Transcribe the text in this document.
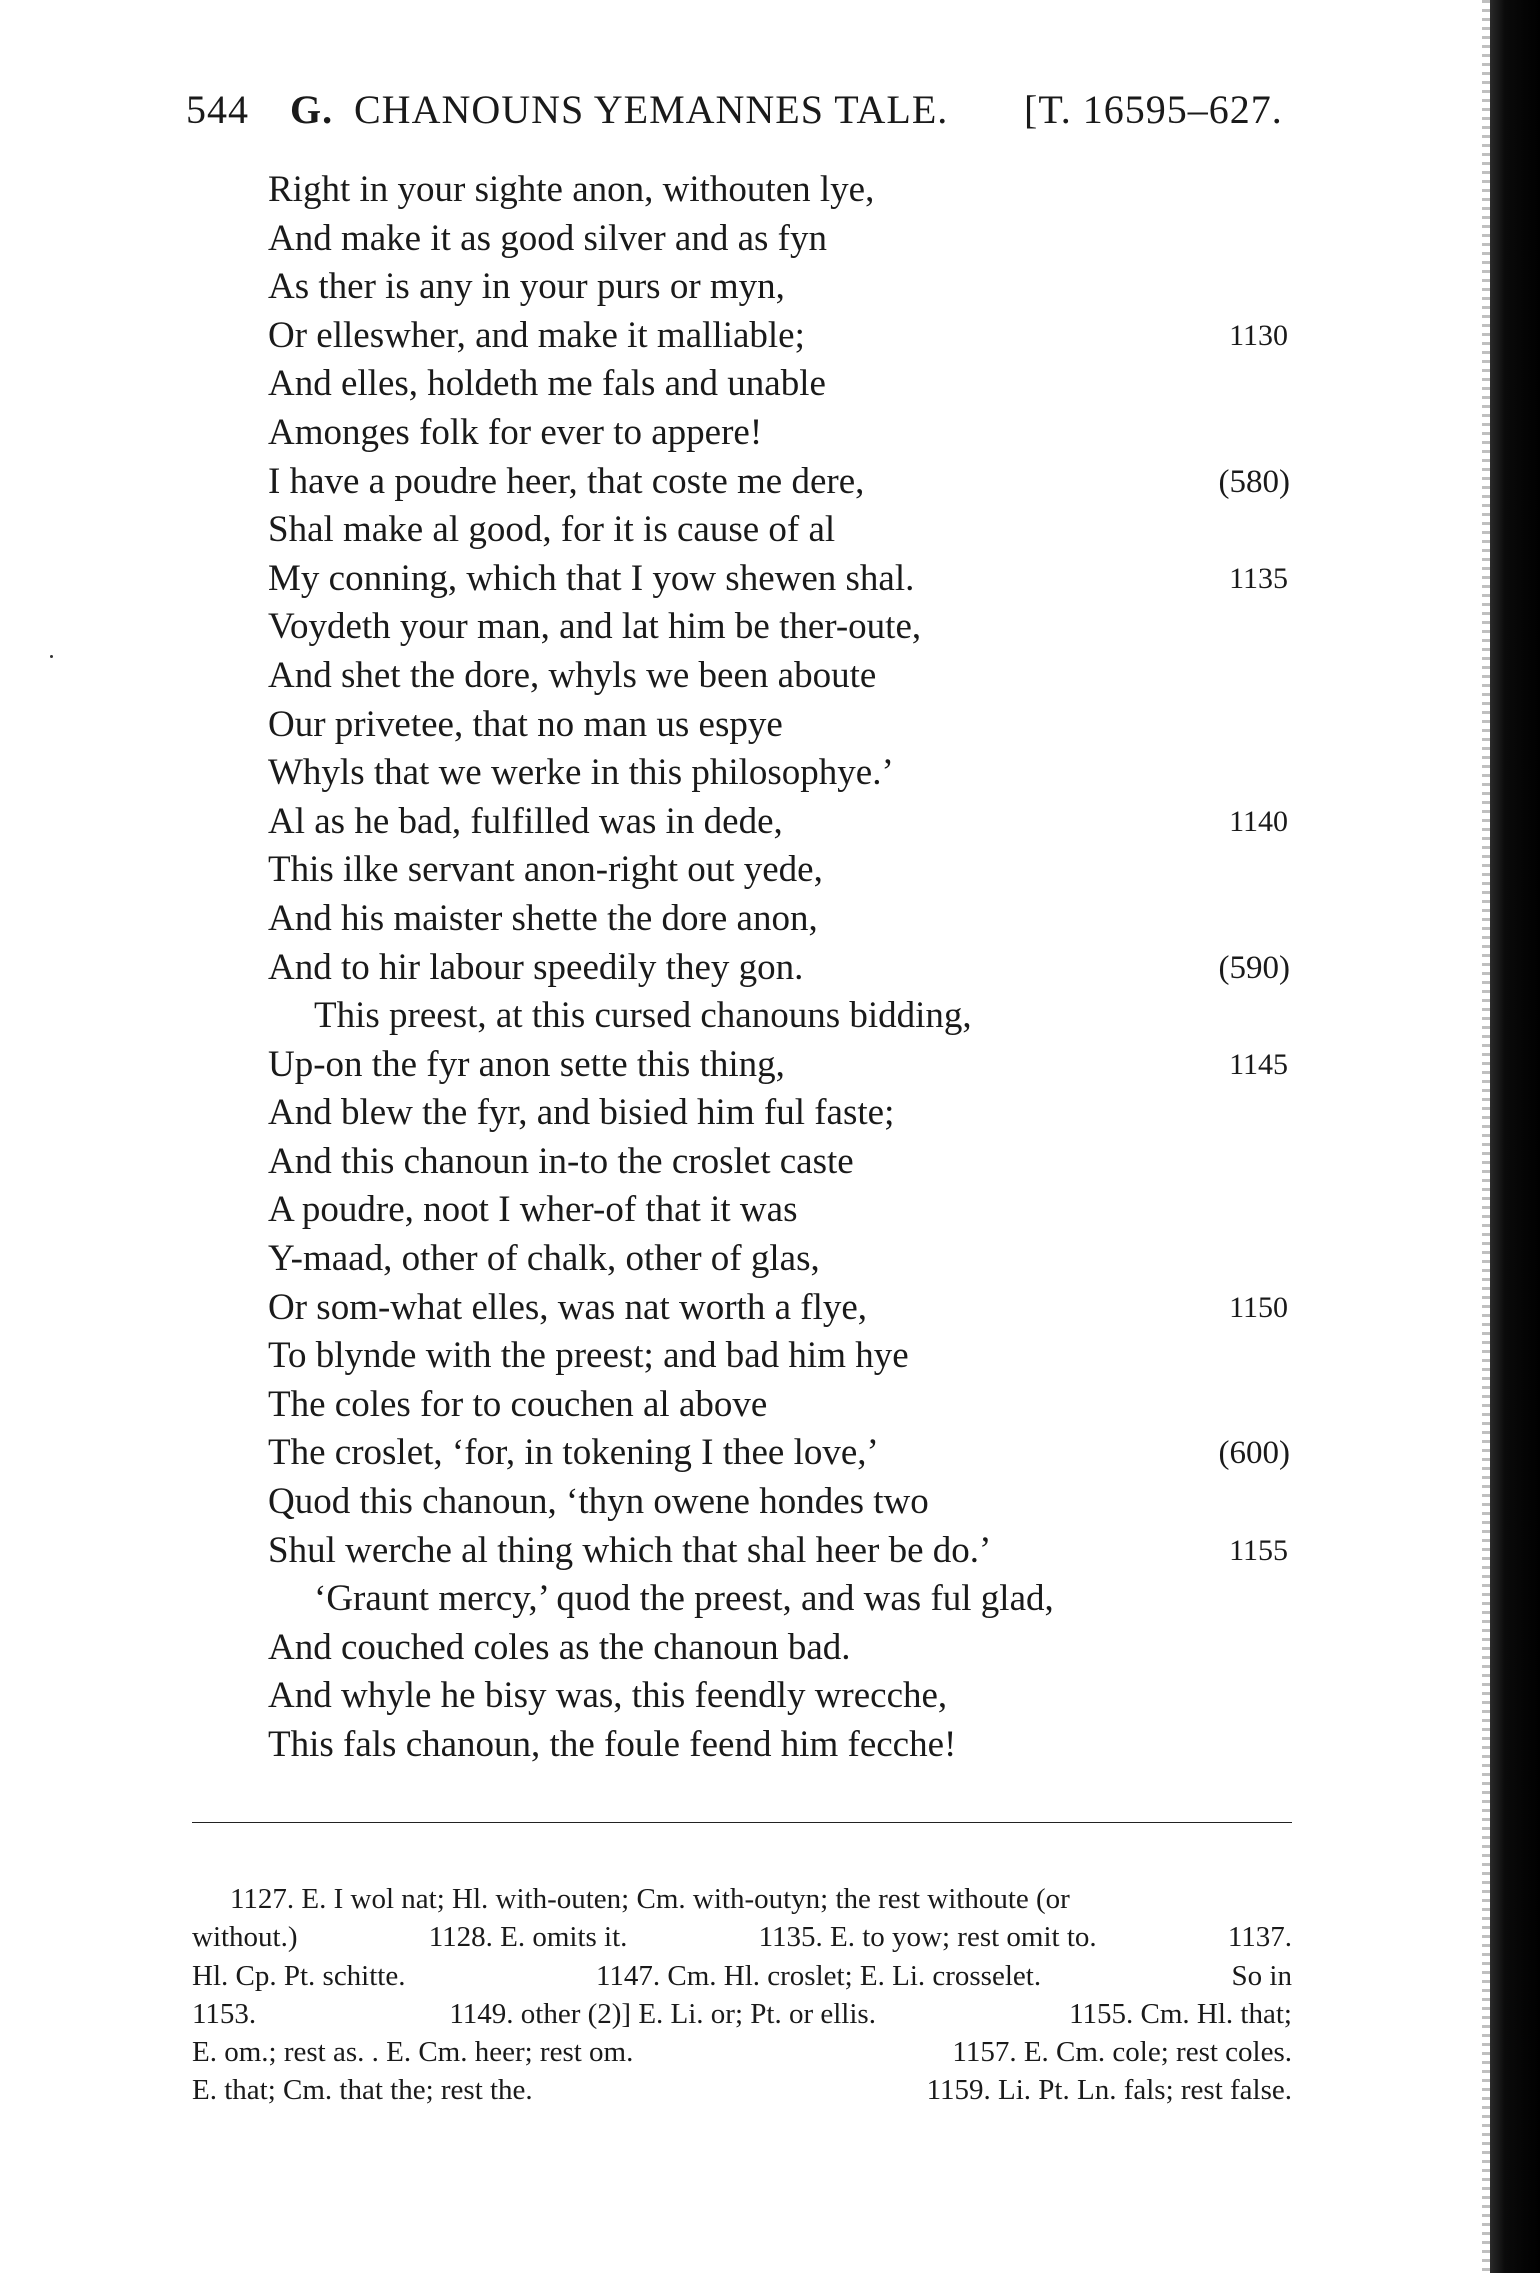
544 G. CHANOUNS YEMANNES TALE. [T. 16595–627.
Right in your sighte anon, withouten lye,
And make it as good silver and as fyn
As ther is any in your purs or myn,
Or elleswher, and make it malliable;	1130
And elles, holdeth me fals and unable
Amonges folk for ever to appere!
I have a poudre heer, that coste me dere,	(580)
Shal make al good, for it is cause of al
My conning, which that I yow shewen shal.	1135
Voydeth your man, and lat him be ther-oute,
And shet the dore, whyls we been aboute
Our privetee, that no man us espye
Whyls that we werke in this philosophye.’
Al as he bad, fulfilled was in dede,	1140
This ilke servant anon-right out yede,
And his maister shette the dore anon,
And to hir labour speedily they gon.	(590)
This preest, at this cursed chanouns bidding,
Up-on the fyr anon sette this thing,	1145
And blew the fyr, and bisied him ful faste;
And this chanoun in-to the croslet caste
A poudre, noot I wher-of that it was
Y-maad, other of chalk, other of glas,
Or som-what elles, was nat worth a flye,	1150
To blynde with the preest; and bad him hye
The coles for to couchen al above
The croslet, ‘for, in tokening I thee love,’	(600)
Quod this chanoun, ‘thyn owene hondes two
Shul werche al thing which that shal heer be do.’	1155
‘Graunt mercy,’ quod the preest, and was ful glad,
And couched coles as the chanoun bad.
And whyle he bisy was, this feendly wrecche,
This fals chanoun, the foule feend him fecche!
1127. E. I wol nat; Hl. with-outen; Cm. with-outyn; the rest withoute (or
without.)	1128. E. omits it.	1135. E. to yow; rest omit to.	1137.
Hl. Cp. Pt. schitte.	1147. Cm. Hl. croslet; E. Li. crosselet.	So in
1153.	1149. other (2)] E. Li. or; Pt. or ellis.	1155. Cm. Hl. that;
E. om.; rest as. . E. Cm. heer; rest om.	1157. E. Cm. cole; rest coles.
E. that; Cm. that the; rest the.	1159. Li. Pt. Ln. fals; rest false.
